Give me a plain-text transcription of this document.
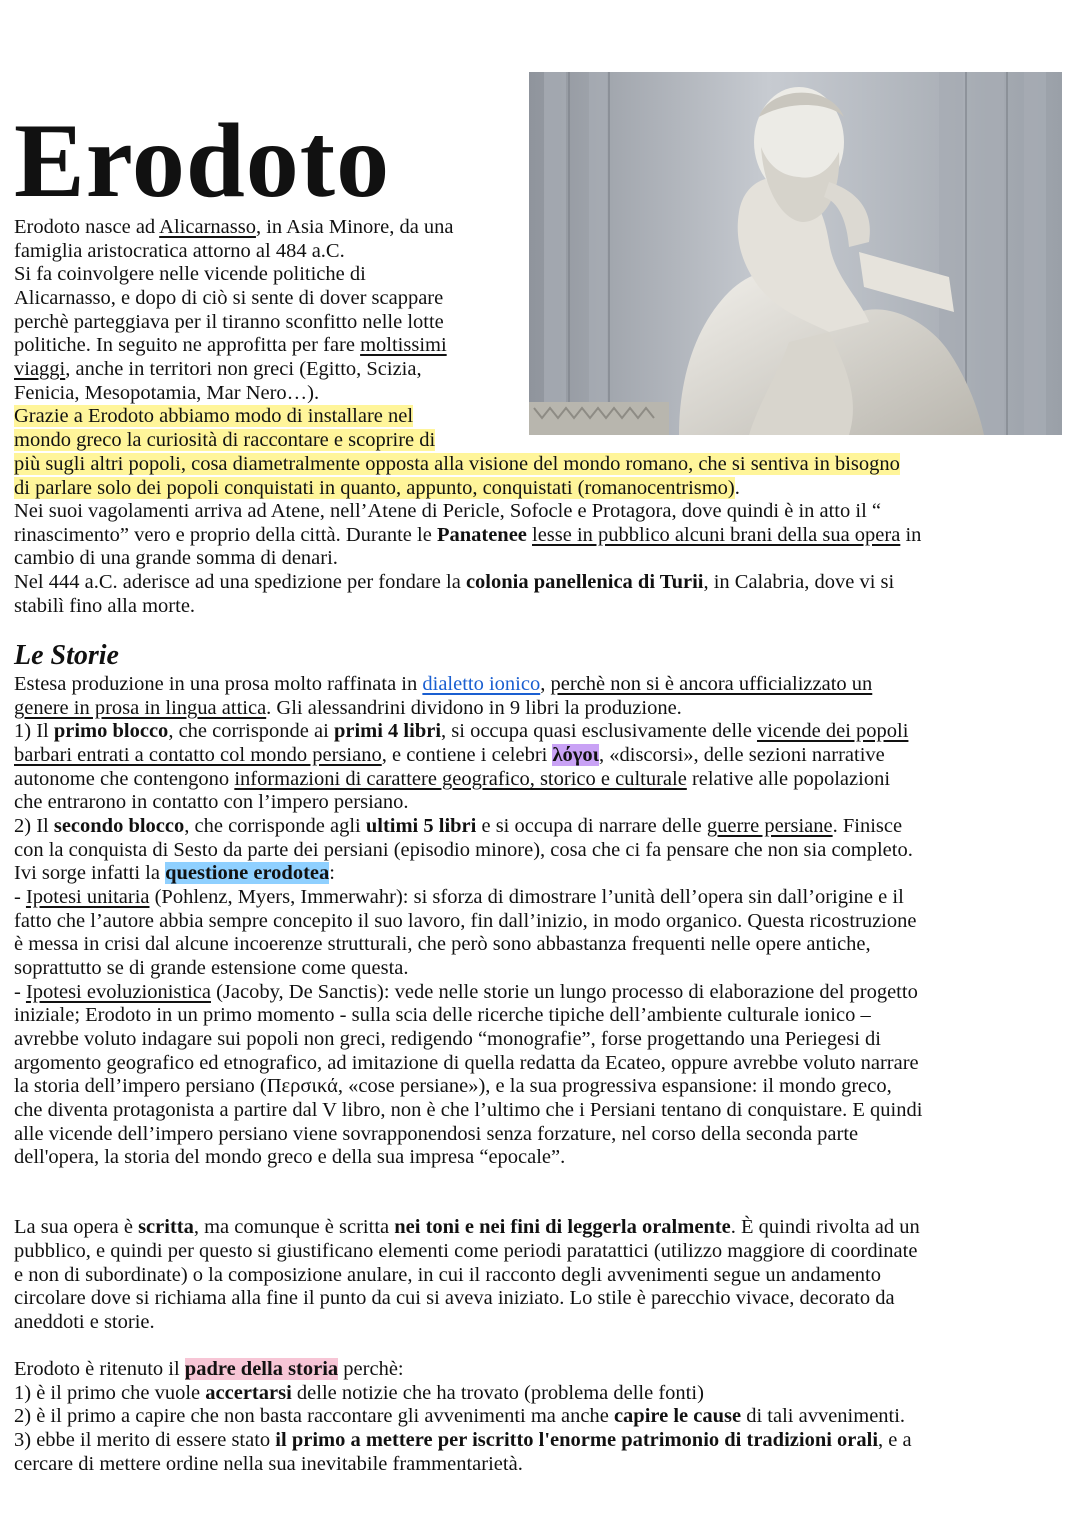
Erodoto

Erodoto nasce ad Alicarnasso, in Asia Minore, da una

famiglia aristocratica attorno al 484 a.C.

Si fa coinvolgere nelle vicende politiche di

Alicarnasso, e dopo di ciò si sente di dover scappare

perchè parteggiava per il tiranno sconfitto nelle lotte

politiche. In seguito ne approfitta per fare moltissimi

viaggi, anche in territori non greci (Egitto, Scizia,

Fenicia, Mesopotamia, Mar Nero…).

Grazie a Erodoto abbiamo modo di installare nel

mondo greco la curiosità di raccontare e scoprire di

più sugli altri popoli, cosa diametralmente opposta alla visione del mondo romano, che si sentiva in bisogno

di parlare solo dei popoli conquistati in quanto, appunto, conquistati (romanocentrismo).

Nei suoi vagolamenti arriva ad Atene, nell’Atene di Pericle, Sofocle e Protagora, dove quindi è in atto il “

rinascimento” vero e proprio della città. Durante le Panatenee lesse in pubblico alcuni brani della sua opera in

cambio di una grande somma di denari.

Nel 444 a.C. aderisce ad una spedizione per fondare la colonia panellenica di Turii, in Calabria, dove vi si

stabilì fino alla morte.

Le Storie

Estesa produzione in una prosa molto raffinata in dialetto ionico, perchè non si è ancora ufficializzato un

genere in prosa in lingua attica. Gli alessandrini dividono in 9 libri la produzione.

1) Il primo blocco, che corrisponde ai primi 4 libri, si occupa quasi esclusivamente delle vicende dei popoli

barbari entrati a contatto col mondo persiano, e contiene i celebri λόγοι, «discorsi», delle sezioni narrative

autonome che contengono informazioni di carattere geografico, storico e culturale relative alle popolazioni

che entrarono in contatto con l’impero persiano.

2) Il secondo blocco, che corrisponde agli ultimi 5 libri e si occupa di narrare delle guerre persiane. Finisce

con la conquista di Sesto da parte dei persiani (episodio minore), cosa che ci fa pensare che non sia completo.

Ivi sorge infatti la questione erodotea:

- Ipotesi unitaria (Pohlenz, Myers, Immerwahr): si sforza di dimostrare l’unità dell’opera sin dall’origine e il

fatto che l’autore abbia sempre concepito il suo lavoro, fin dall’inizio, in modo organico. Questa ricostruzione

è messa in crisi dal alcune incoerenze strutturali, che però sono abbastanza frequenti nelle opere antiche,

soprattutto se di grande estensione come questa.

- Ipotesi evoluzionistica (Jacoby, De Sanctis): vede nelle storie un lungo processo di elaborazione del progetto

iniziale; Erodoto in un primo momento - sulla scia delle ricerche tipiche dell’ambiente culturale ionico –

avrebbe voluto indagare sui popoli non greci, redigendo “monografie”, forse progettando una Periegesi di

argomento geografico ed etnografico, ad imitazione di quella redatta da Ecateo, oppure avrebbe voluto narrare

la storia dell’impero persiano (Περσικά, «cose persiane»), e la sua progressiva espansione: il mondo greco,

che diventa protagonista a partire dal V libro, non è che l’ultimo che i Persiani tentano di conquistare. E quindi

alle vicende dell’impero persiano viene sovrapponendosi senza forzature, nel corso della seconda parte

dell'opera, la storia del mondo greco e della sua impresa “epocale”.

La sua opera è scritta, ma comunque è scritta nei toni e nei fini di leggerla oralmente. È quindi rivolta ad un

pubblico, e quindi per questo si giustificano elementi come periodi paratattici (utilizzo maggiore di coordinate

e non di subordinate) o la composizione anulare, in cui il racconto degli avvenimenti segue un andamento

circolare dove si richiama alla fine il punto da cui si aveva iniziato. Lo stile è parecchio vivace, decorato da

aneddoti e storie.

Erodoto è ritenuto il padre della storia perchè:

1) è il primo che vuole accertarsi delle notizie che ha trovato (problema delle fonti)

2) è il primo a capire che non basta raccontare gli avvenimenti ma anche capire le cause di tali avvenimenti.

3) ebbe il merito di essere stato il primo a mettere per iscritto l'enorme patrimonio di tradizioni orali, e a

cercare di mettere ordine nella sua inevitabile frammentarietà.
